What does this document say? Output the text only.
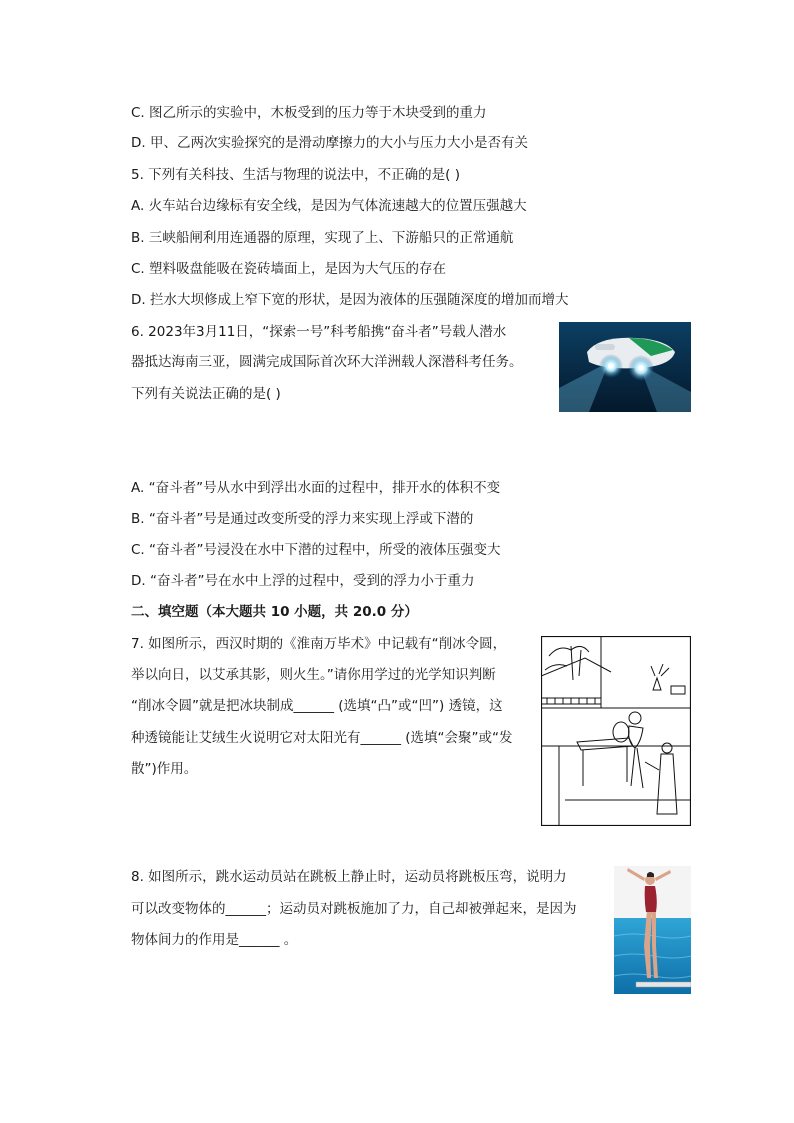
C. 图乙所示的实验中，木板受到的压力等于木块受到的重力
D. 甲、乙两次实验探究的是滑动摩擦力的大小与压力大小是否有关
5. 下列有关科技、生活与物理的说法中，不正确的是( )
A. 火车站台边缘标有安全线，是因为气体流速越大的位置压强越大
B. 三峡船闸利用连通器的原理，实现了上、下游船只的正常通航
C. 塑料吸盘能吸在瓷砖墙面上，是因为大气压的存在
D. 拦水大坝修成上窄下宽的形状，是因为液体的压强随深度的增加而增大
6. 2023年3月11日，“探索一号”科考船携“奋斗者”号载人潜水
器抵达海南三亚，圆满完成国际首次环大洋洲载人深潜科考任务。
下列有关说法正确的是( )
A. “奋斗者”号从水中到浮出水面的过程中，排开水的体积不变
B. “奋斗者”号是通过改变所受的浮力来实现上浮或下潜的
C. “奋斗者”号浸没在水中下潜的过程中，所受的液体压强变大
D. “奋斗者”号在水中上浮的过程中，受到的浮力小于重力
二、填空题（本大题共 10 小题，共 20.0 分）
7. 如图所示，西汉时期的《淮南万毕术》中记载有“削冰令圆，
举以向日，以艾承其影，则火生。”请你用学过的光学知识判断
“削冰令圆”就是把冰块制成______ (选填“凸”或“凹”) 透镜，这
种透镜能让艾绒生火说明它对太阳光有______ (选填“会聚”或“发
散”)作用。
8. 如图所示，跳水运动员站在跳板上静止时，运动员将跳板压弯，说明力
可以改变物体的______；运动员对跳板施加了力，自己却被弹起来，是因为
物体间力的作用是______ 。
